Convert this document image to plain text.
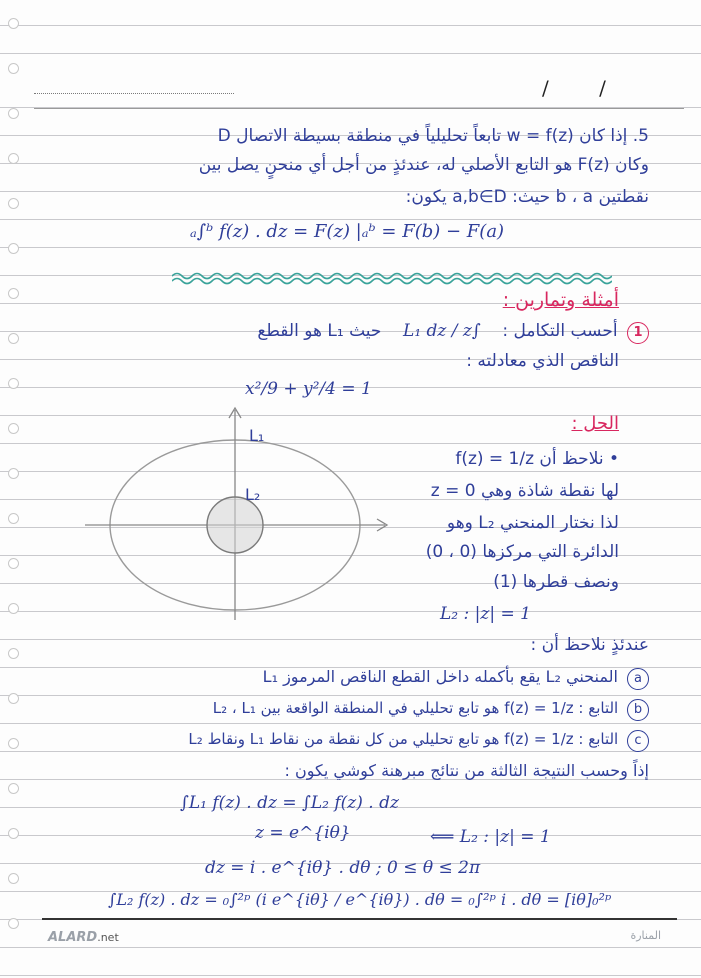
/ /
5. إذا كان w = f(z) تابعاً تحليلياً في منطقة بسيطة الاتصال D
وكان F(z) هو التابع الأصلي له، عندئذٍ من أجل أي منحنٍ يصل بين
نقطتين b ، a حيث: a,b∈D يكون:
ₐ∫ᵇ f(z) . dz = F(z) |ₐᵇ = F(b) − F(a)
أمثلة وتمارين :
1 أحسب التكامل :    ∫L₁ dz / z    حيث L₁ هو القطع
الناقص الذي معادلته :
x²/9 + y²/4 = 1
L₁
L₂
الحل :
• نلاحظ أن f(z) = 1/z
لها نقطة شاذة وهي z = 0
لذا نختار المنحني L₂ وهو
الدائرة التي مركزها (0 ، 0)
ونصف قطرها (1)
L₂ : |z| = 1
عندئذٍ نلاحظ أن :
a المنحني L₂ يقع بأكمله داخل القطع الناقص المرموز L₁
b التابع : f(z) = 1/z هو تابع تحليلي في المنطقة الواقعة بين L₂ ، L₁
c التابع : f(z) = 1/z هو تابع تحليلي من كل نقطة من نقاط L₁ ونقاط L₂
إذاً وحسب النتيجة الثالثة من نتائج مبرهنة كوشي يكون :
∫L₁ f(z) . dz = ∫L₂ f(z) . dz
z = e^{iθ}	⟸ L₂ : |z| = 1
dz = i . e^{iθ} . dθ ; 0 ≤ θ ≤ 2π
∫L₂ f(z) . dz = ₀∫²ᵖ (i e^{iθ} / e^{iθ}) . dθ = ₀∫²ᵖ i . dθ = [iθ]₀²ᵖ
ALARD.net	المنارة
